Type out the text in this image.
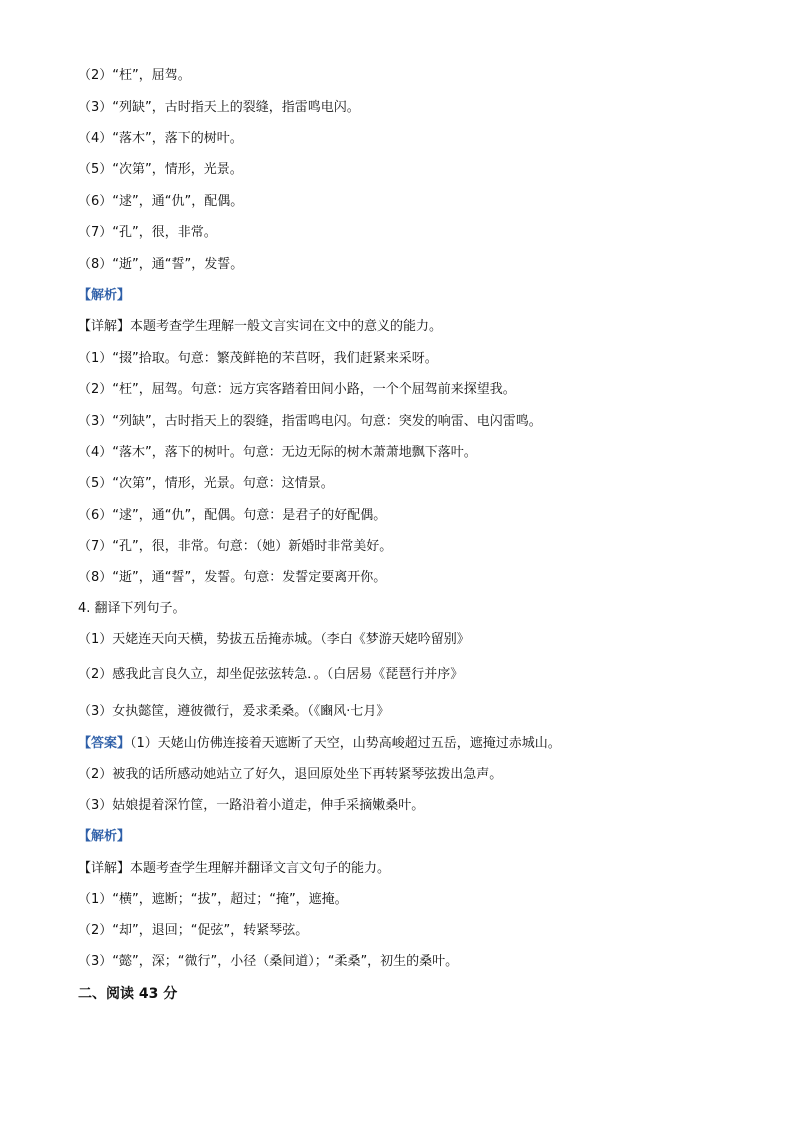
（2）“枉”，屈驾。
（3）“列缺”，古时指天上的裂缝，指雷鸣电闪。
（4）“落木”，落下的树叶。
（5）“次第”，情形，光景。
（6）“逑”，通“仇”，配偶。
（7）“孔”，很，非常。
（8）“逝”，通“誓”，发誓。
【解析】
【详解】本题考查学生理解一般文言实词在文中的意义的能力。
（1）“掇”拾取。句意：繁茂鲜艳的芣苢呀，我们赶紧来采呀。
（2）“枉”，屈驾。句意：远方宾客踏着田间小路，一个个屈驾前来探望我。
（3）“列缺”，古时指天上的裂缝，指雷鸣电闪。句意：突发的响雷、电闪雷鸣。
（4）“落木”，落下的树叶。句意：无边无际的树木萧萧地飘下落叶。
（5）“次第”，情形，光景。句意：这情景。
（6）“逑”，通“仇”，配偶。句意：是君子的好配偶。
（7）“孔”，很，非常。句意：（她）新婚时非常美好。
（8）“逝”，通“誓”，发誓。句意：发誓定要离开你。
4. 翻译下列句子。
（1）天姥连天向天横，势拔五岳掩赤城。（李白《梦游天姥吟留别》
（2）感我此言良久立，却坐促弦弦转急．。（白居易《琵琶行并序》
（3）女执懿筐，遵彼微行，爰求柔桑。（《豳风·七月》
【答案】（1）天姥山仿佛连接着天遮断了天空，山势高峻超过五岳，遮掩过赤城山。
（2）被我的话所感动她站立了好久，退回原处坐下再转紧琴弦拨出急声。
（3）姑娘提着深竹筐，一路沿着小道走，伸手采摘嫩桑叶。
【解析】
【详解】本题考查学生理解并翻译文言文句子的能力。
（1）“横”，遮断；“拔”，超过；“掩”，遮掩。
（2）“却”，退回；“促弦”，转紧琴弦。
（3）“懿”，深；“微行”，小径（桑间道）；“柔桑”，初生的桑叶。
二、阅读 43 分
